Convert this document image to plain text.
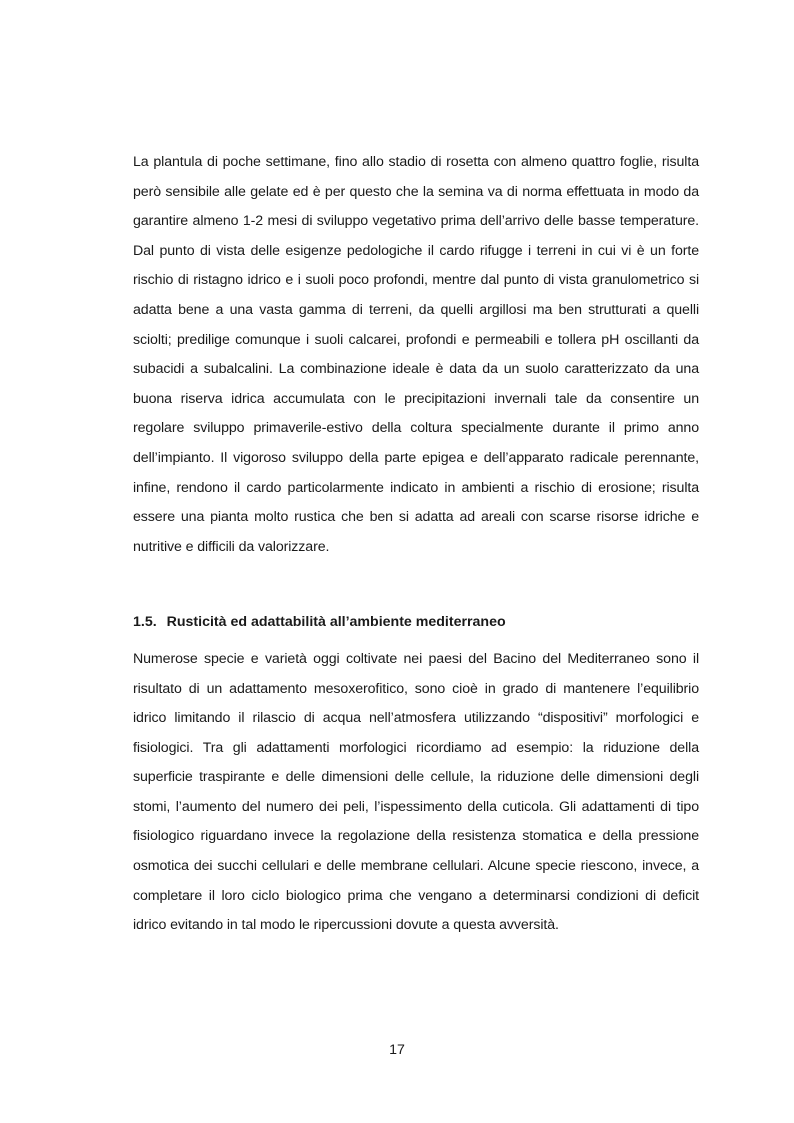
La plantula di poche settimane, fino allo stadio di rosetta con almeno quattro foglie, risulta però sensibile alle gelate ed è per questo che la semina va di norma effettuata in modo da garantire almeno 1-2 mesi di sviluppo vegetativo prima dell’arrivo delle basse temperature. Dal punto di vista delle esigenze pedologiche il cardo rifugge i terreni in cui vi è un forte rischio di ristagno idrico e i suoli poco profondi, mentre dal punto di vista granulometrico si adatta bene a una vasta gamma di terreni, da quelli argillosi ma ben strutturati a quelli sciolti; predilige comunque i suoli calcarei, profondi e permeabili e tollera pH oscillanti da subacidi a subalcalini. La combinazione ideale è data da un suolo caratterizzato da una buona riserva idrica accumulata con le precipitazioni invernali tale da consentire un regolare sviluppo primaverile-estivo della coltura specialmente durante il primo anno dell’impianto. Il vigoroso sviluppo della parte epigea e dell’apparato radicale perennante, infine, rendono il cardo particolarmente indicato in ambienti a rischio di erosione; risulta essere una pianta molto rustica che ben si adatta ad areali con scarse risorse idriche e nutritive e difficili da valorizzare.

1.5. Rusticità ed adattabilità all’ambiente mediterraneo

Numerose specie e varietà oggi coltivate nei paesi del Bacino del Mediterraneo sono il risultato di un adattamento mesoxerofitico, sono cioè in grado di mantenere l’equilibrio idrico limitando il rilascio di acqua nell’atmosfera utilizzando “dispositivi” morfologici e fisiologici. Tra gli adattamenti morfologici ricordiamo ad esempio: la riduzione della superficie traspirante e delle dimensioni delle cellule, la riduzione delle dimensioni degli stomi, l’aumento del numero dei peli, l’ispessimento della cuticola. Gli adattamenti di tipo fisiologico riguardano invece la regolazione della resistenza stomatica e della pressione osmotica dei succhi cellulari e delle membrane cellulari. Alcune specie riescono, invece, a completare il loro ciclo biologico prima che vengano a determinarsi condizioni di deficit idrico evitando in tal modo le ripercussioni dovute a questa avversità.

17
